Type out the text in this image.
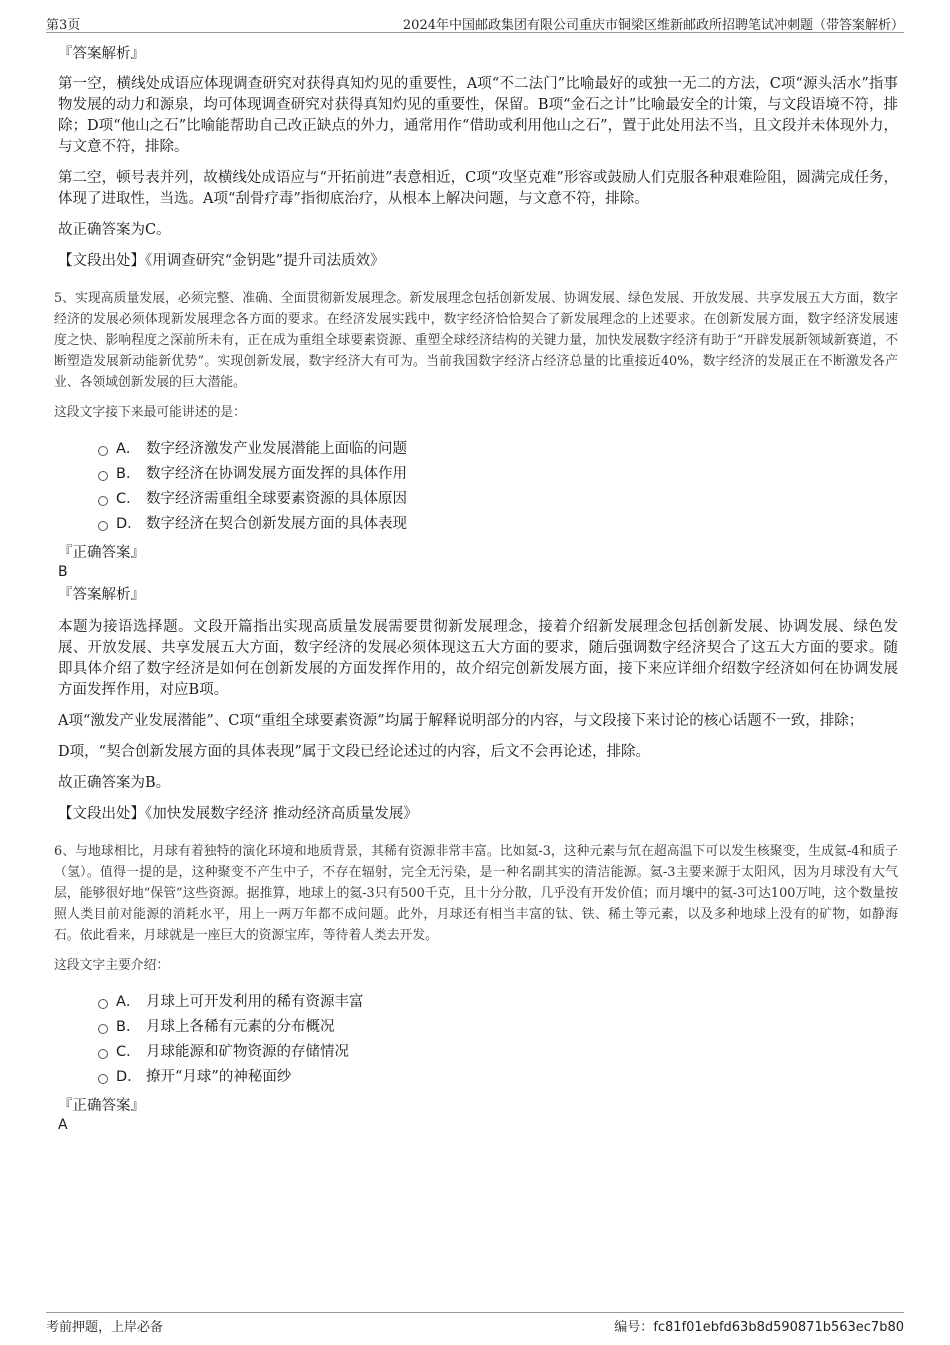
第3页	2024年中国邮政集团有限公司重庆市铜梁区维新邮政所招聘笔试冲刺题（带答案解析）
『答案解析』

第一空，横线处成语应体现调查研究对获得真知灼见的重要性，A项“不二法门”比喻最好的或独一无二的方法，C项“源头活水”指事物发展的动力和源泉，均可体现调查研究对获得真知灼见的重要性，保留。B项“金石之计”比喻最安全的计策，与文段语境不符，排除；D项“他山之石”比喻能帮助自己改正缺点的外力，通常用作“借助或利用他山之石”，置于此处用法不当，且文段并未体现外力，与文意不符，排除。

第二空，顿号表并列，故横线处成语应与“开拓前进”表意相近，C项“攻坚克难”形容或鼓励人们克服各种艰难险阻，圆满完成任务，体现了进取性，当选。A项“刮骨疗毒”指彻底治疗，从根本上解决问题，与文意不符，排除。

故正确答案为C。

【文段出处】《用调查研究“金钥匙”提升司法质效》

5、实现高质量发展，必须完整、准确、全面贯彻新发展理念。新发展理念包括创新发展、协调发展、绿色发展、开放发展、共享发展五大方面，数字经济的发展必须体现新发展理念各方面的要求。在经济发展实践中，数字经济恰恰契合了新发展理念的上述要求。在创新发展方面，数字经济发展速度之快、影响程度之深前所未有，正在成为重组全球要素资源、重塑全球经济结构的关键力量，加快发展数字经济有助于“开辟发展新领域新赛道，不断塑造发展新动能新优势”。实现创新发展，数字经济大有可为。当前我国数字经济占经济总量的比重接近40%，数字经济的发展正在不断激发各产业、各领域创新发展的巨大潜能。

这段文字接下来最可能讲述的是：

A． 数字经济激发产业发展潜能上面临的问题
B． 数字经济在协调发展方面发挥的具体作用
C． 数字经济需重组全球要素资源的具体原因
D． 数字经济在契合创新发展方面的具体表现
『正确答案』
B
『答案解析』

本题为接语选择题。文段开篇指出实现高质量发展需要贯彻新发展理念，接着介绍新发展理念包括创新发展、协调发展、绿色发展、开放发展、共享发展五大方面，数字经济的发展必须体现这五大方面的要求，随后强调数字经济契合了这五大方面的要求。随即具体介绍了数字经济是如何在创新发展的方面发挥作用的，故介绍完创新发展方面，接下来应详细介绍数字经济如何在协调发展方面发挥作用，对应B项。

A项“激发产业发展潜能”、C项“重组全球要素资源”均属于解释说明部分的内容，与文段接下来讨论的核心话题不一致，排除；

D项，“契合创新发展方面的具体表现”属于文段已经论述过的内容，后文不会再论述，排除。

故正确答案为B。

【文段出处】《加快发展数字经济 推动经济高质量发展》

6、与地球相比，月球有着独特的演化环境和地质背景，其稀有资源非常丰富。比如氦-3，这种元素与氘在超高温下可以发生核聚变，生成氦-4和质子（氢）。值得一提的是，这种聚变不产生中子，不存在辐射，完全无污染，是一种名副其实的清洁能源。氦-3主要来源于太阳风，因为月球没有大气层，能够很好地“保管”这些资源。据推算，地球上的氦-3只有500千克，且十分分散，几乎没有开发价值；而月壤中的氦-3可达100万吨，这个数量按照人类目前对能源的消耗水平，用上一两万年都不成问题。此外，月球还有相当丰富的钛、铁、稀土等元素，以及多种地球上没有的矿物，如静海石。依此看来，月球就是一座巨大的资源宝库，等待着人类去开发。

这段文字主要介绍：

A． 月球上可开发利用的稀有资源丰富
B． 月球上各稀有元素的分布概况
C． 月球能源和矿物资源的存储情况
D． 撩开“月球”的神秘面纱
『正确答案』
A
考前押题，上岸必备	编号：fc81f01ebfd63b8d590871b563ec7b80
